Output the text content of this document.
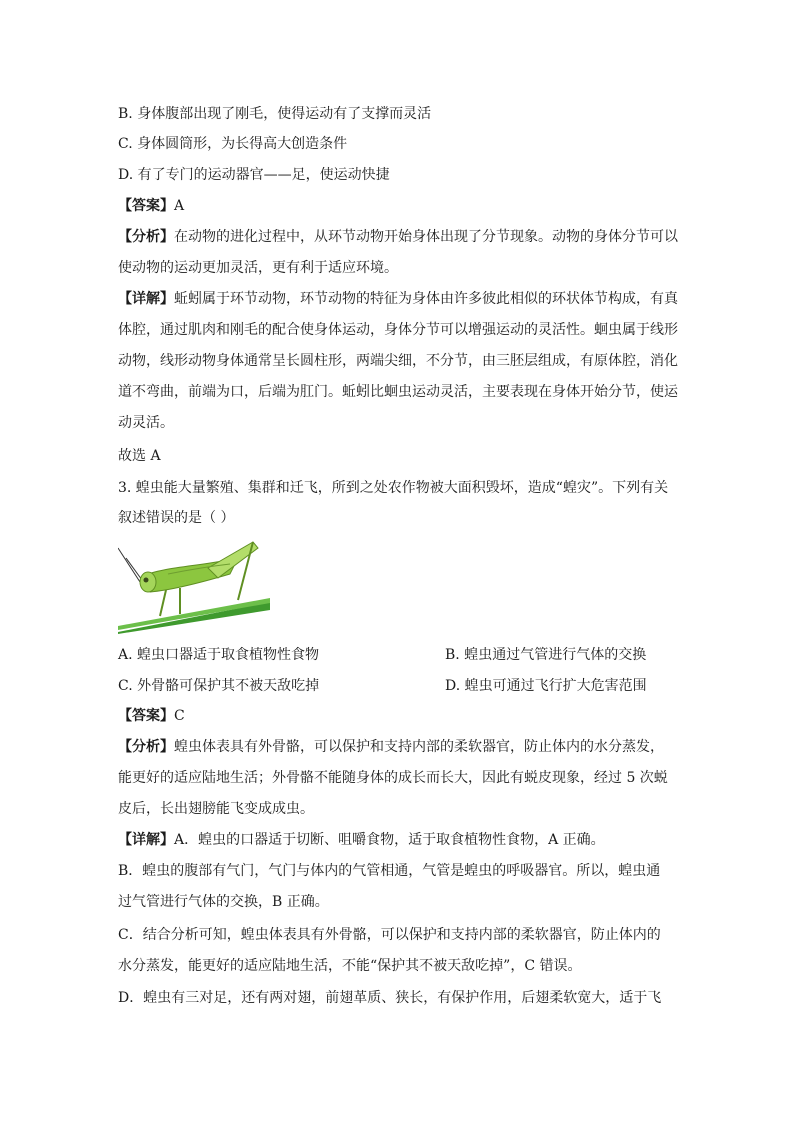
B. 身体腹部出现了刚毛，使得运动有了支撑而灵活
C. 身体圆筒形，为长得高大创造条件
D. 有了专门的运动器官——足，使运动快捷
【答案】A
【分析】在动物的进化过程中，从环节动物开始身体出现了分节现象。动物的身体分节可以
使动物的运动更加灵活，更有利于适应环境。
【详解】蚯蚓属于环节动物，环节动物的特征为身体由许多彼此相似的环状体节构成，有真
体腔，通过肌肉和刚毛的配合使身体运动，身体分节可以增强运动的灵活性。蛔虫属于线形
动物，线形动物身体通常呈长圆柱形，两端尖细，不分节，由三胚层组成，有原体腔，消化
道不弯曲，前端为口，后端为肛门。蚯蚓比蛔虫运动灵活，主要表现在身体开始分节，使运
动灵活。
故选 A
3. 蝗虫能大量繁殖、集群和迁飞，所到之处农作物被大面积毁坏，造成“蝗灾”。下列有关
叙述错误的是（ ）
A. 蝗虫口器适于取食植物性食物	B. 蝗虫通过气管进行气体的交换
C. 外骨骼可保护其不被天敌吃掉	D. 蝗虫可通过飞行扩大危害范围
【答案】C
【分析】蝗虫体表具有外骨骼，可以保护和支持内部的柔软器官，防止体内的水分蒸发，
能更好的适应陆地生活；外骨骼不能随身体的成长而长大，因此有蜕皮现象，经过 5 次蜕
皮后，长出翅膀能飞变成成虫。
【详解】A．蝗虫的口器适于切断、咀嚼食物，适于取食植物性食物，A 正确。
B．蝗虫的腹部有气门，气门与体内的气管相通，气管是蝗虫的呼吸器官。所以，蝗虫通
过气管进行气体的交换，B 正确。
C．结合分析可知，蝗虫体表具有外骨骼，可以保护和支持内部的柔软器官，防止体内的
水分蒸发，能更好的适应陆地生活，不能“保护其不被天敌吃掉”，C 错误。
D．蝗虫有三对足，还有两对翅，前翅革质、狭长，有保护作用，后翅柔软宽大，适于飞
